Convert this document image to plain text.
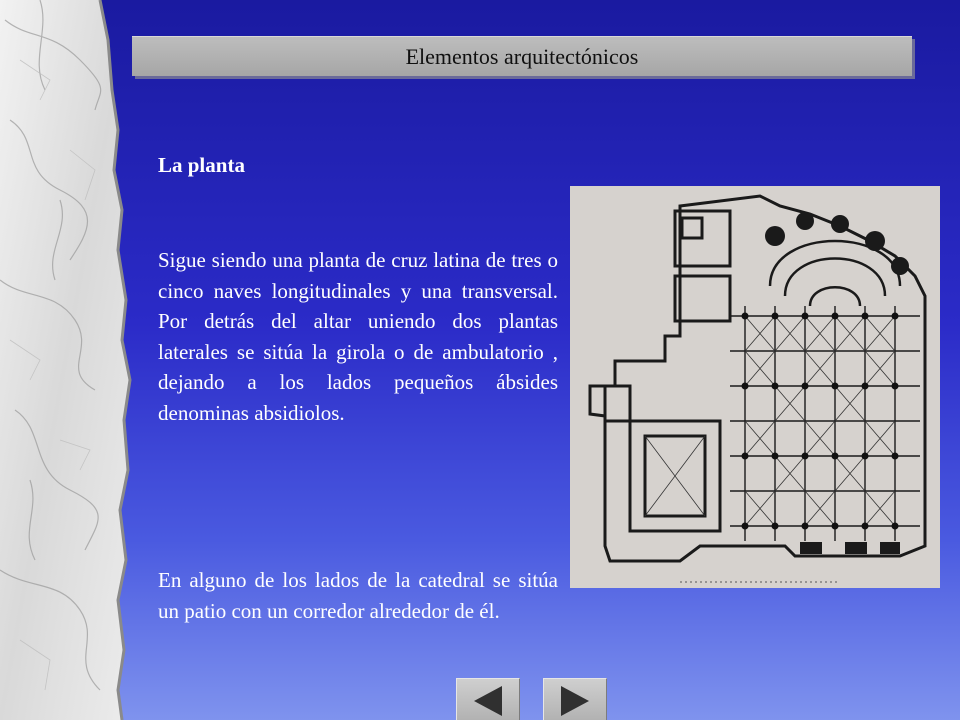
Elementos arquitectónicos
La planta

Sigue siendo una planta de cruz latina de tres o cinco naves longitudinales y una transversal. Por detrás del altar uniendo dos plantas laterales se sitúa la girola o de ambulatorio , dejando a los lados pequeños ábsides denominas absidiolos.

En alguno de los lados de la catedral se sitúa un patio con un corredor alrededor de él.
